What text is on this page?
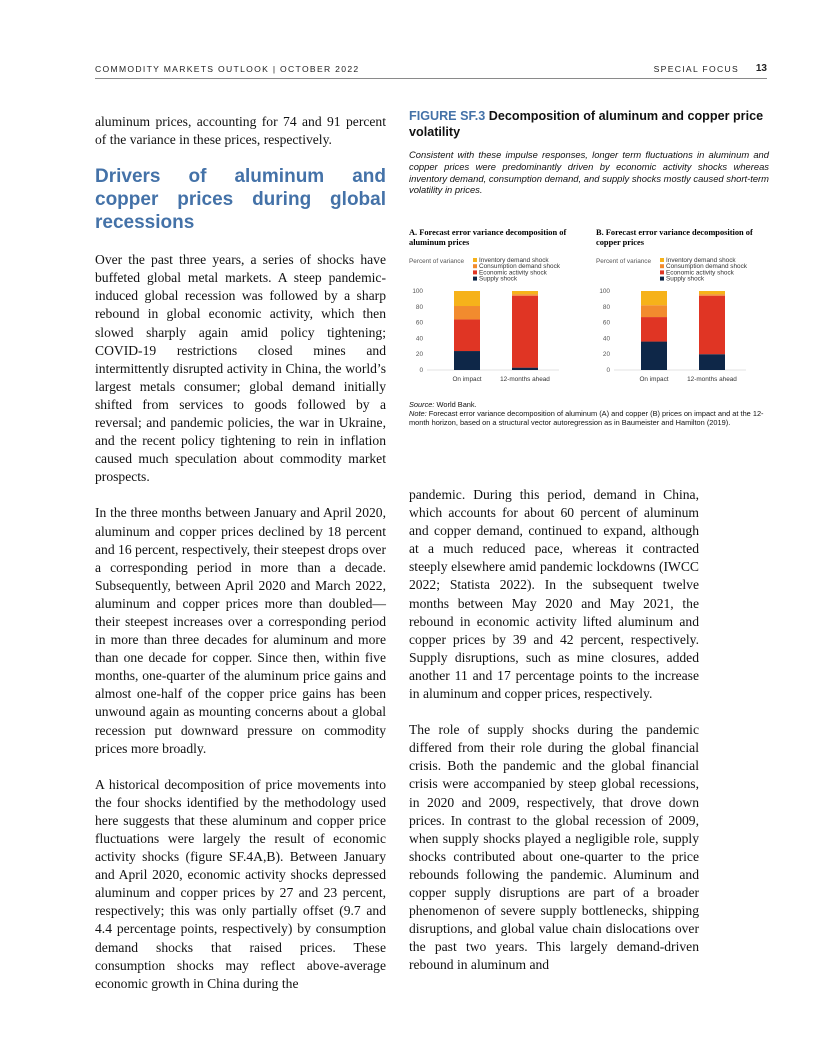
COMMODITY MARKETS OUTLOOK | OCTOBER 2022	SPECIAL FOCUS 13

aluminum prices, accounting for 74 and 91 percent of the variance in these prices, respectively.

Drivers of aluminum and copper prices during global recessions

Over the past three years, a series of shocks have buffeted global metal markets. A steep pandemic-induced global recession was followed by a sharp rebound in global economic activity, which then slowed sharply again amid policy tightening; COVID-19 restrictions closed mines and intermittently disrupted activity in China, the world’s largest metals consumer; global demand initially shifted from services to goods followed by a reversal; and pandemic policies, the war in Ukraine, and the recent policy tightening to rein in inflation caused much speculation about commodity market prospects.

In the three months between January and April 2020, aluminum and copper prices declined by 18 percent and 16 percent, respectively, their steepest drops over a corresponding period in more than a decade. Subsequently, between April 2020 and March 2022, aluminum and copper prices more than doubled—their steepest increases over a corresponding period in more than three decades for aluminum and more than one decade for copper. Since then, within five months, one-quarter of the aluminum price gains and almost one-half of the copper price gains has been unwound again as mounting concerns about a global recession put downward pressure on commodity prices more broadly.

A historical decomposition of price movements into the four shocks identified by the methodology used here suggests that these aluminum and copper price fluctuations were largely the result of economic activity shocks (figure SF.4A,B). Between January and April 2020, economic activity shocks depressed aluminum and copper prices by 27 and 23 percent, respectively; this was only partially offset (9.7 and 4.4 percentage points, respectively) by consumption demand shocks that raised prices. These consumption shocks may reflect above-average economic growth in China during the

FIGURE SF.3 Decomposition of aluminum and copper price volatility
Consistent with these impulse responses, longer term fluctuations in aluminum and copper prices were predominantly driven by economic activity shocks whereas inventory demand, consumption demand, and supply shocks mostly caused short-term volatility in prices.
A. Forecast error variance decomposition of aluminum prices
B. Forecast error variance decomposition of copper prices
Percent of variance Inventory demand shock
Consumption demand shock
Economic activity shock
Supply shock
0
20
40
60
80
100
On impact	12-months ahead
Percent of variance Inventory demand shock
Consumption demand shock
Economic activity shock
Supply shock
0
20
40
60
80
100
On impact	12-months ahead
Source: World Bank.
Note: Forecast error variance decomposition of aluminum (A) and copper (B) prices on impact and at the 12-month horizon, based on a structural vector autoregression as in Baumeister and Hamilton (2019).

pandemic. During this period, demand in China, which accounts for about 60 percent of aluminum and copper demand, continued to expand, although at a much reduced pace, whereas it contracted steeply elsewhere amid pandemic lockdowns (IWCC 2022; Statista 2022). In the subsequent twelve months between May 2020 and May 2021, the rebound in economic activity lifted aluminum and copper prices by 39 and 42 percent, respectively. Supply disruptions, such as mine closures, added another 11 and 17 percentage points to the increase in aluminum and copper prices, respectively.

The role of supply shocks during the pandemic differed from their role during the global financial crisis. Both the pandemic and the global financial crisis were accompanied by steep global recessions, in 2020 and 2009, respectively, that drove down prices. In contrast to the global recession of 2009, when supply shocks played a negligible role, supply shocks contributed about one-quarter to the price rebounds following the pandemic. Aluminum and copper supply disruptions are part of a broader phenomenon of severe supply bottlenecks, shipping disruptions, and global value chain dislocations over the past two years. This largely demand-driven rebound in aluminum and
